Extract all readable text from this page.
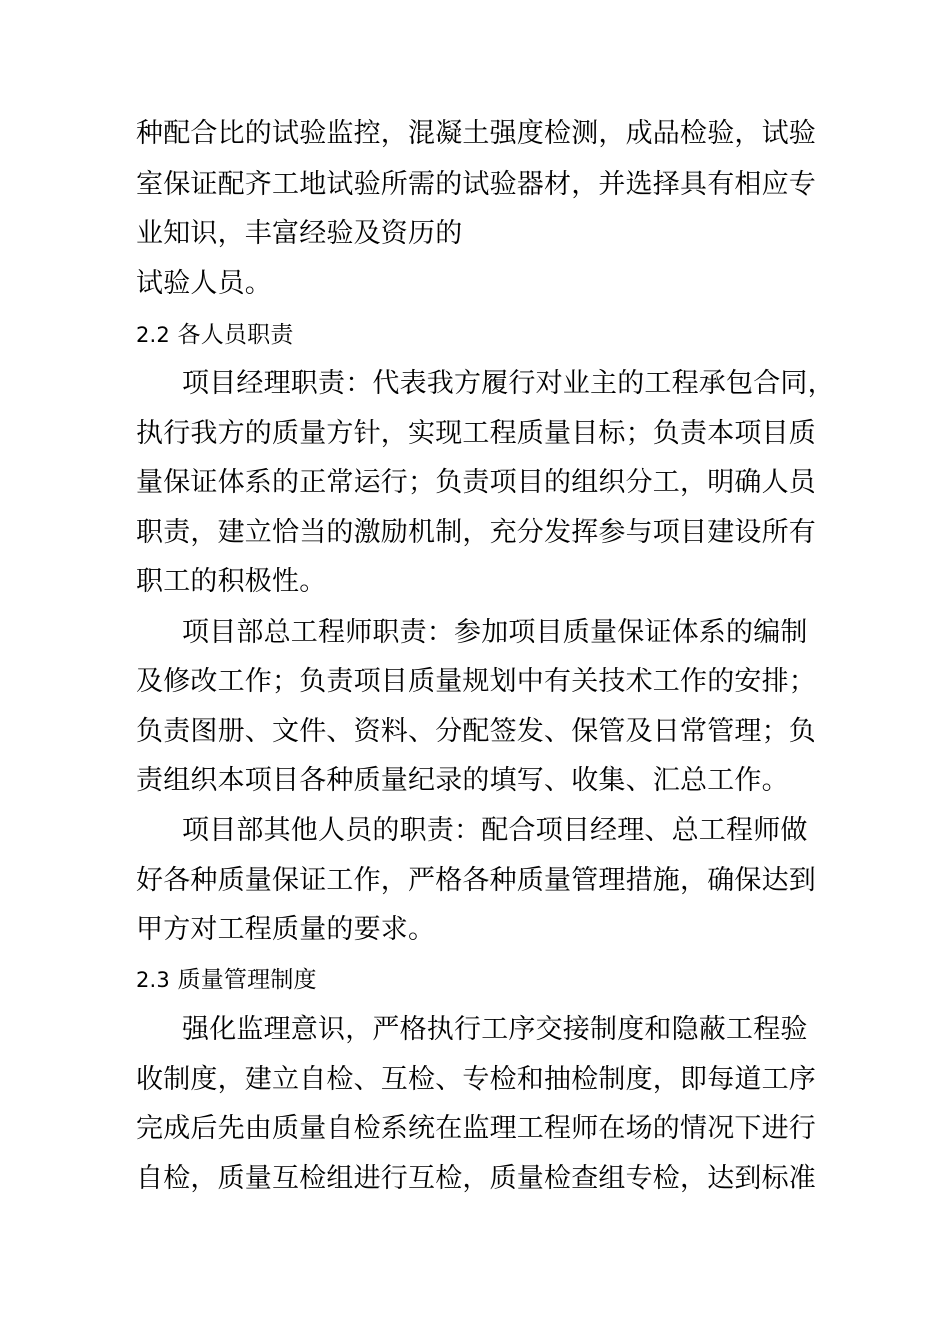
种配合比的试验监控，混凝土强度检测，成品检验，试验
室保证配齐工地试验所需的试验器材，并选择具有相应专
业知识，丰富经验及资历的
试验人员。
2.2 各人员职责
项目经理职责：代表我方履行对业主的工程承包合同，
执行我方的质量方针，实现工程质量目标；负责本项目质
量保证体系的正常运行；负责项目的组织分工，明确人员
职责，建立恰当的激励机制，充分发挥参与项目建设所有
职工的积极性。
项目部总工程师职责：参加项目质量保证体系的编制
及修改工作；负责项目质量规划中有关技术工作的安排；
负责图册、文件、资料、分配签发、保管及日常管理；负
责组织本项目各种质量纪录的填写、收集、汇总工作。
项目部其他人员的职责：配合项目经理、总工程师做
好各种质量保证工作，严格各种质量管理措施，确保达到
甲方对工程质量的要求。
2.3 质量管理制度
强化监理意识，严格执行工序交接制度和隐蔽工程验
收制度，建立自检、互检、专检和抽检制度，即每道工序
完成后先由质量自检系统在监理工程师在场的情况下进行
自检，质量互检组进行互检，质量检查组专检，达到标准
